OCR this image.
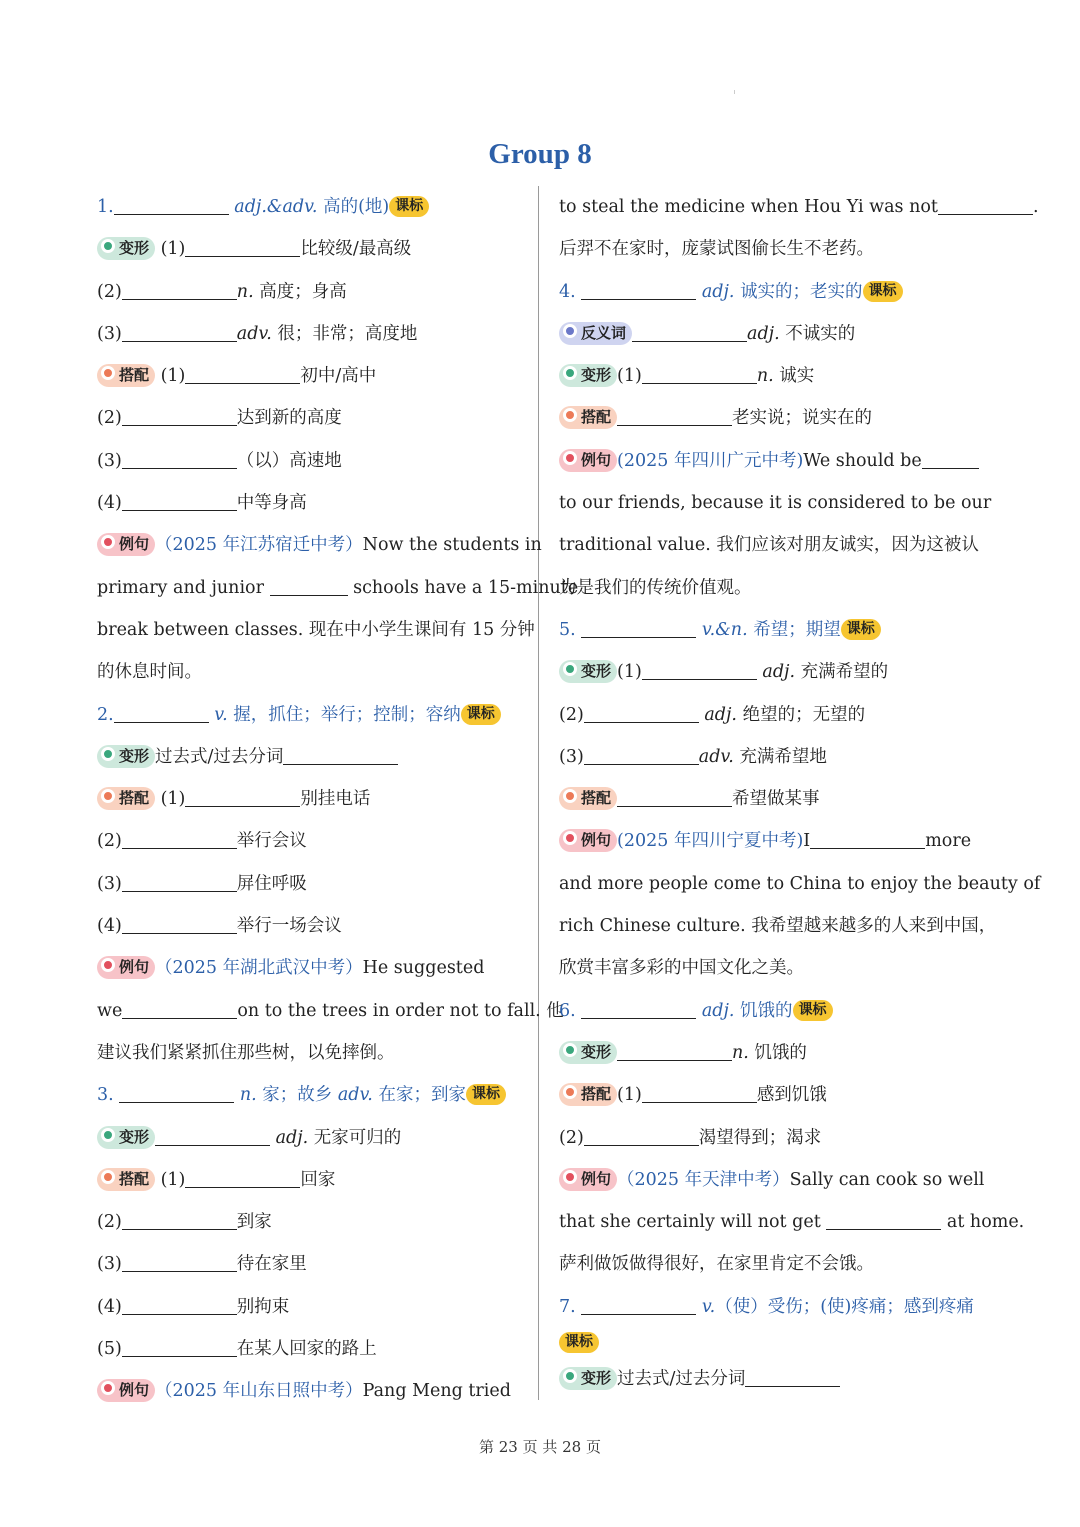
Group 8
1.	adj.&adv. 高的(地) 课标
变形 (1)	比较级/最高级
(2)	n. 高度；身高
(3)	adv. 很；非常；高度地
搭配 (1)	初中/高中
(2)	达到新的高度
(3)	（以）高速地
(4)	中等身高
例句 （2025 年江苏宿迁中考）Now the students in
primary and junior	schools have a 15-minute
break between classes. 现在中小学生课间有 15 分钟
的休息时间。
2.	v. 握，抓住；举行；控制；容纳 课标
变形 过去式/过去分词
搭配 (1)	别挂电话
(2)	举行会议
(3)	屏住呼吸
(4)	举行一场会议
例句 （2025 年湖北武汉中考）He suggested
we	on to the trees in order not to fall. 他
建议我们紧紧抓住那些树，以免摔倒。
3.	n. 家；故乡 adv. 在家；到家 课标
变形	adj. 无家可归的
搭配 (1)	回家
(2)	到家
(3)	待在家里
(4)	别拘束
(5)	在某人回家的路上
例句 （2025 年山东日照中考）Pang Meng tried
to steal the medicine when Hou Yi was not	.
后羿不在家时，庞蒙试图偷长生不老药。
4.	adj. 诚实的；老实的 课标
反义词	adj. 不诚实的
变形 (1)	n. 诚实
搭配	老实说；说实在的
例句 (2025 年四川广元中考)We should be
to our friends, because it is considered to be our
traditional value. 我们应该对朋友诚实，因为这被认
为是我们的传统价值观。
5.	v.&n. 希望；期望 课标
变形 (1)	adj. 充满希望的
(2)	adj. 绝望的；无望的
(3)	adv. 充满希望地
搭配	希望做某事
例句 (2025 年四川宁夏中考)I	more
and more people come to China to enjoy the beauty of
rich Chinese culture. 我希望越来越多的人来到中国，
欣赏丰富多彩的中国文化之美。
6.	adj. 饥饿的 课标
变形	n. 饥饿的
搭配 (1)	感到饥饿
(2)	渴望得到；渴求
例句 （2025 年天津中考）Sally can cook so well
that she certainly will not get	at home.
萨利做饭做得很好，在家里肯定不会饿。
7.	v.（使）受伤；(使)疼痛；感到疼痛
课标
变形 过去式/过去分词
第 23 页 共 28 页
